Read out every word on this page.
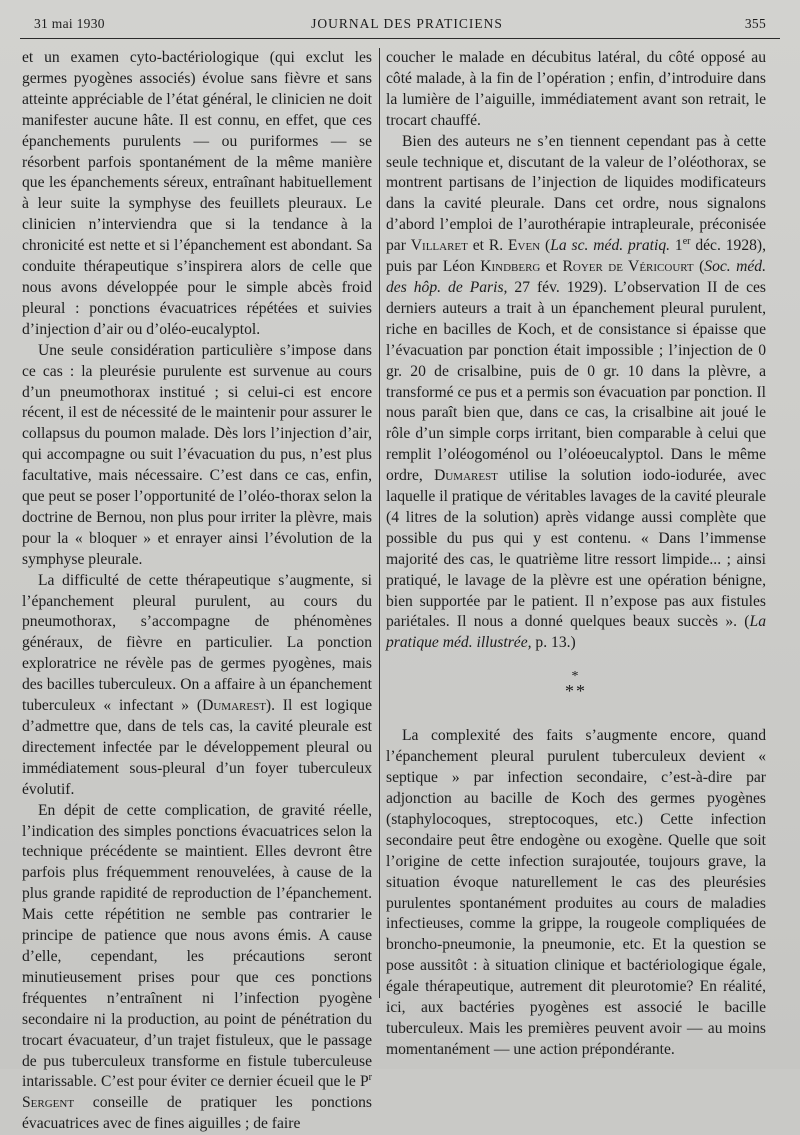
31 mai 1930	JOURNAL DES PRATICIENS	355

et un examen cyto-bactériologique (qui exclut les germes pyogènes associés) évolue sans fièvre et sans atteinte appréciable de l’état général, le clinicien ne doit manifester aucune hâte. Il est connu, en effet, que ces épanchements purulents — ou puriformes — se résorbent parfois spontanément de la même manière que les épanchements séreux, entraînant habituellement à leur suite la symphyse des feuillets pleuraux. Le clinicien n’interviendra que si la tendance à la chronicité est nette et si l’épanchement est abondant. Sa conduite thérapeutique s’inspirera alors de celle que nous avons développée pour le simple abcès froid pleural : ponctions évacuatrices répétées et suivies d’injection d’air ou d’oléo-eucalyptol.

Une seule considération particulière s’impose dans ce cas : la pleurésie purulente est survenue au cours d’un pneumothorax institué ; si celui-ci est encore récent, il est de nécessité de le maintenir pour assurer le collapsus du poumon malade. Dès lors l’injection d’air, qui accompagne ou suit l’évacuation du pus, n’est plus facultative, mais nécessaire. C’est dans ce cas, enfin, que peut se poser l’opportunité de l’oléo-thorax selon la doctrine de Bernou, non plus pour irriter la plèvre, mais pour la « bloquer » et enrayer ainsi l’évolution de la symphyse pleurale.

La difficulté de cette thérapeutique s’augmente, si l’épanchement pleural purulent, au cours du pneumothorax, s’accompagne de phénomènes généraux, de fièvre en particulier. La ponction exploratrice ne révèle pas de germes pyogènes, mais des bacilles tuberculeux. On a affaire à un épanchement tuberculeux « infectant » (Dumarest). Il est logique d’admettre que, dans de tels cas, la cavité pleurale est directement infectée par le développement pleural ou immédiatement sous-pleural d’un foyer tuberculeux évolutif.

En dépit de cette complication, de gravité réelle, l’indication des simples ponctions évacuatrices selon la technique précédente se maintient. Elles devront être parfois plus fréquemment renouvelées, à cause de la plus grande rapidité de reproduction de l’épanchement. Mais cette répétition ne semble pas contrarier le principe de patience que nous avons émis. A cause d’elle, cependant, les précautions seront minutieusement prises pour que ces ponctions fréquentes n’entraînent ni l’infection pyogène secondaire ni la production, au point de pénétration du trocart évacuateur, d’un trajet fistuleux, que le passage de pus tuberculeux transforme en fistule tuberculeuse intarissable. C’est pour éviter ce dernier écueil que le $P^r$ Sergent conseille de pratiquer les ponctions évacuatrices avec de fines aiguilles ; de faire

coucher le malade en décubitus latéral, du côté opposé au côté malade, à la fin de l’opération ; enfin, d’introduire dans la lumière de l’aiguille, immédiatement avant son retrait, le trocart chauffé.

Bien des auteurs ne s’en tiennent cependant pas à cette seule technique et, discutant de la valeur de l’oléothorax, se montrent partisans de l’injection de liquides modificateurs dans la cavité pleurale. Dans cet ordre, nous signalons d’abord l’emploi de l’aurothérapie intrapleurale, préconisée par Villaret et R. Even (La sc. méd. pratiq. 1er déc. 1928), puis par Léon Kindberg et Royer de Véricourt (Soc. méd. des hôp. de Paris, 27 fév. 1929). L’observation II de ces derniers auteurs a trait à un épanchement pleural purulent, riche en bacilles de Koch, et de consistance si épaisse que l’évacuation par ponction était impossible ; l’injection de 0 gr. 20 de crisalbine, puis de 0 gr. 10 dans la plèvre, a transformé ce pus et a permis son évacuation par ponction. Il nous paraît bien que, dans ce cas, la crisalbine ait joué le rôle d’un simple corps irritant, bien comparable à celui que remplit l’oléogoménol ou l’oléoeucalyptol. Dans le même ordre, Dumarest utilise la solution iodo-iodurée, avec laquelle il pratique de véritables lavages de la cavité pleurale (4 litres de la solution) après vidange aussi complète que possible du pus qui y est contenu. « Dans l’immense majorité des cas, le quatrième litre ressort limpide... ; ainsi pratiqué, le lavage de la plèvre est une opération bénigne, bien supportée par le patient. Il n’expose pas aux fistules pariétales. Il nous a donné quelques beaux succès ». (La pratique méd. illustrée, p. 13.)

*
**

La complexité des faits s’augmente encore, quand l’épanchement pleural purulent tuberculeux devient « septique » par infection secondaire, c’est-à-dire par adjonction au bacille de Koch des germes pyogènes (staphylocoques, streptocoques, etc.) Cette infection secondaire peut être endogène ou exogène. Quelle que soit l’origine de cette infection surajoutée, toujours grave, la situation évoque naturellement le cas des pleurésies purulentes spontanément produites au cours de maladies infectieuses, comme la grippe, la rougeole compliquées de broncho-pneumonie, la pneumonie, etc. Et la question se pose aussitôt : à situation clinique et bactériologique égale, égale thérapeutique, autrement dit pleurotomie? En réalité, ici, aux bactéries pyogènes est associé le bacille tuberculeux. Mais les premières peuvent avoir — au moins momentanément — une action prépondérante.
